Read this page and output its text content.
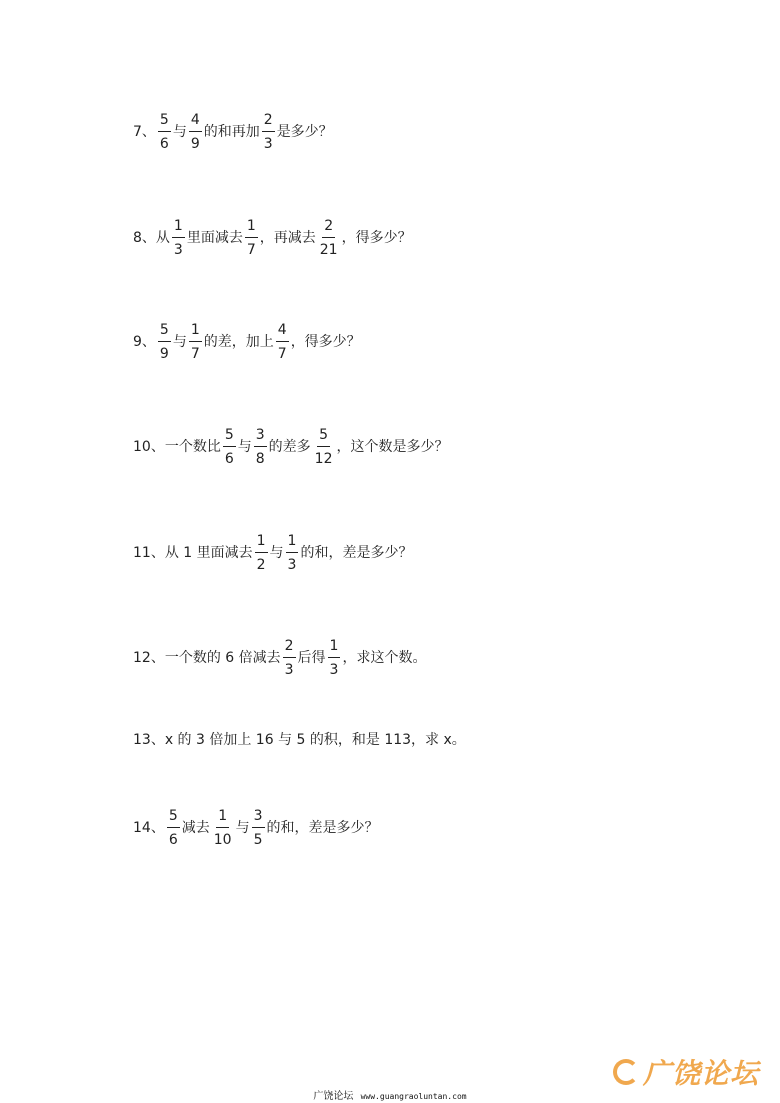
7、 $\frac{5}{6}$ 与 $\frac{4}{9}$ 的和再加 $\frac{2}{3}$ 是多少？
8、从 $\frac{1}{3}$ 里面减去 $\frac{1}{7}$ ，再减去 $\frac{2}{21}$ ，得多少？
9、 $\frac{5}{9}$ 与 $\frac{1}{7}$ 的差，加上 $\frac{4}{7}$ ，得多少？
10、一个数比 $\frac{5}{6}$ 与 $\frac{3}{8}$ 的差多 $\frac{5}{12}$ ，这个数是多少？
11、从 1 里面减去 $\frac{1}{2}$ 与 $\frac{1}{3}$ 的和，差是多少？
12、一个数的 6 倍减去 $\frac{2}{3}$ 后得 $\frac{1}{3}$ ，求这个数。
13、x 的 3 倍加上 16 与 5 的积，和是 113，求 x。
14、 $\frac{5}{6}$ 减去 $\frac{1}{10}$ 与 $\frac{3}{5}$ 的和，差是多少？
广饶论坛 www.guangraoluntan.com
广饶论坛
